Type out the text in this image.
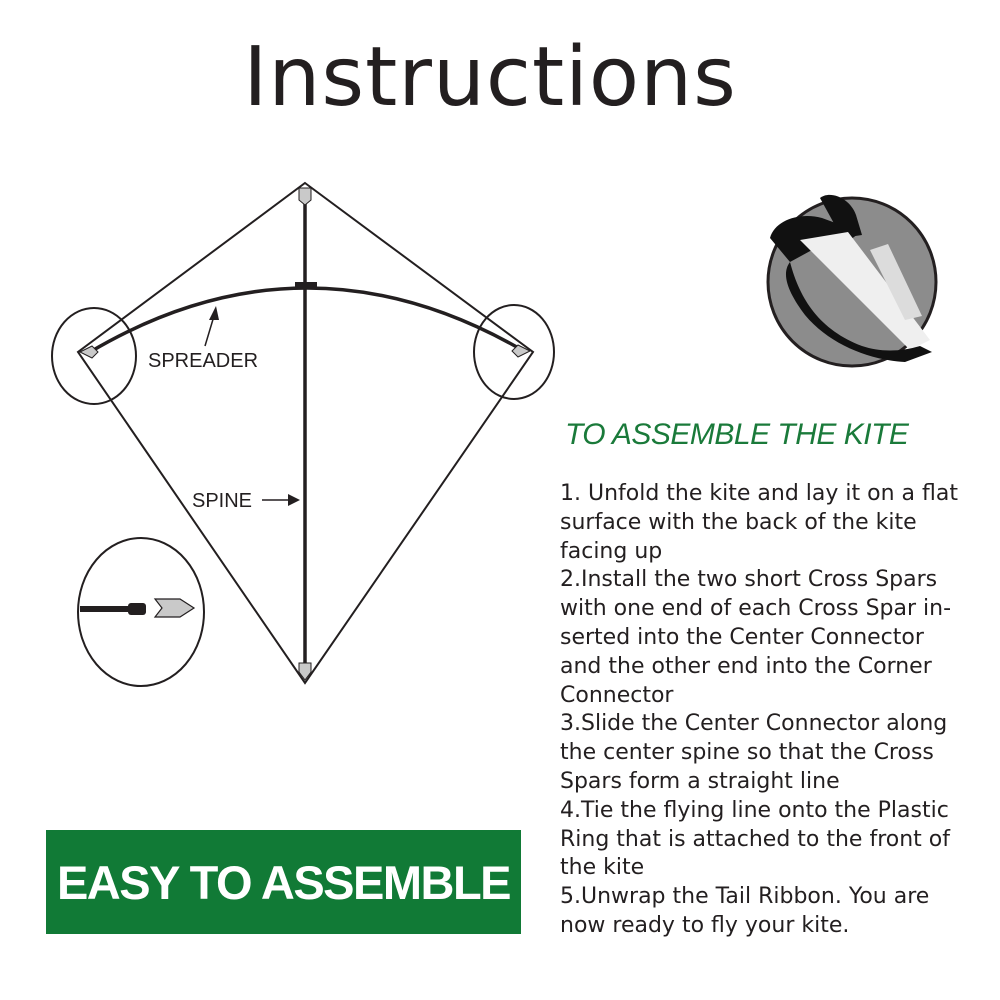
Instructions
SPREADER
SPINE
TO ASSEMBLE THE KITE

1. Unfold the kite and lay it on a flat
surface with the back of the kite
facing up

2.Install the two short Cross Spars
with one end of each Cross Spar in-
serted into the Center Connector
and the other end into the Corner
Connector

3.Slide the Center Connector along
the center spine so that the Cross
Spars form a straight line

4.Tie the flying line onto the Plastic
Ring that is attached to the front of
the kite

5.Unwrap the Tail Ribbon. You are
now ready to fly your kite.

EASY TO ASSEMBLE
